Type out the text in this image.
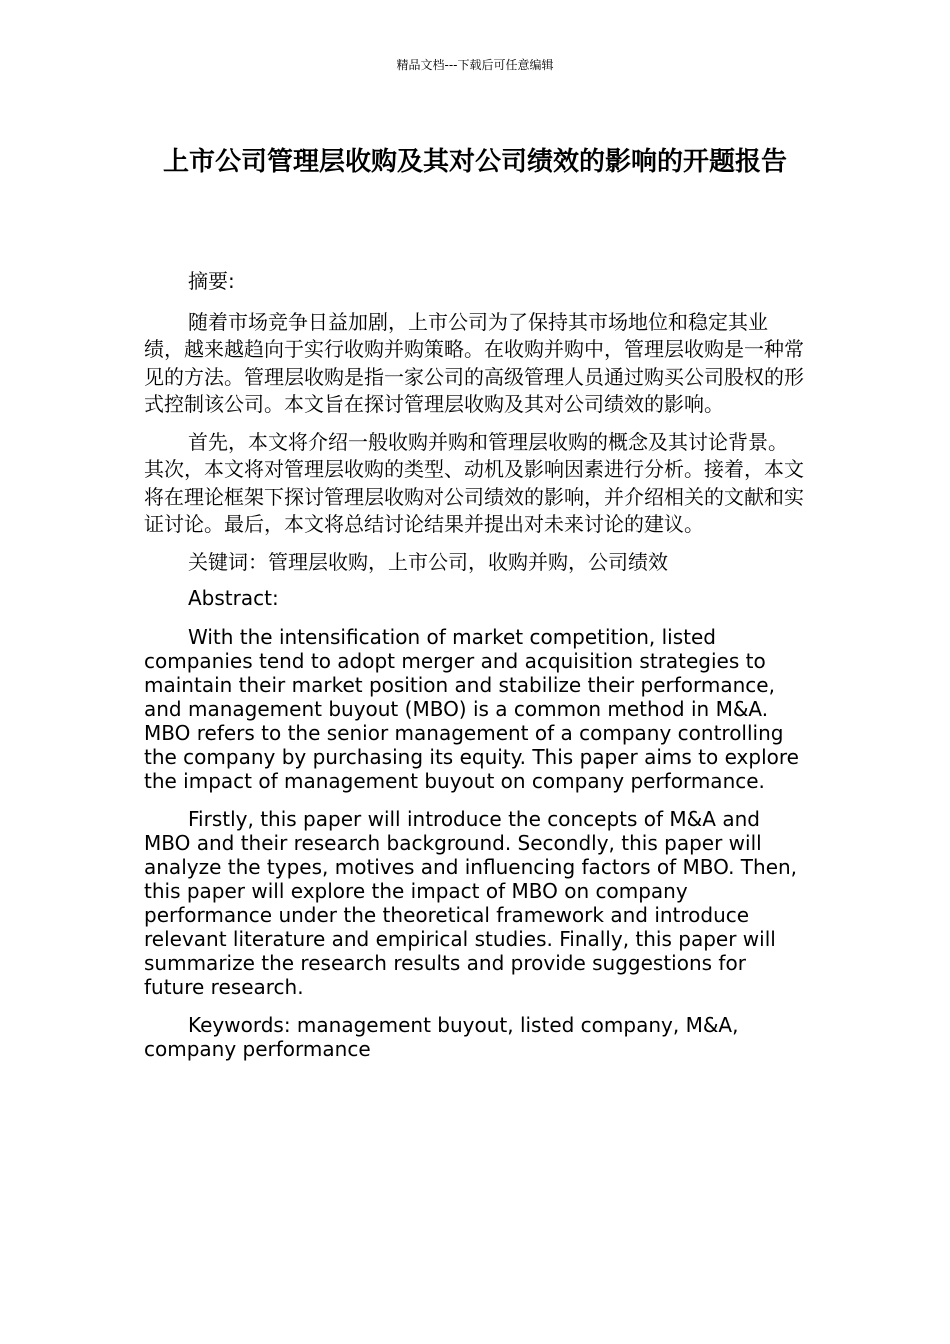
精品文档---下载后可任意编辑
上市公司管理层收购及其对公司绩效的影响的开题报告

摘要:

随着市场竞争日益加剧，上市公司为了保持其市场地位和稳定其业绩，越来越趋向于实行收购并购策略。在收购并购中，管理层收购是一种常见的方法。管理层收购是指一家公司的高级管理人员通过购买公司股权的形式控制该公司。本文旨在探讨管理层收购及其对公司绩效的影响。

首先，本文将介绍一般收购并购和管理层收购的概念及其讨论背景。其次，本文将对管理层收购的类型、动机及影响因素进行分析。接着，本文将在理论框架下探讨管理层收购对公司绩效的影响，并介绍相关的文献和实证讨论。最后，本文将总结讨论结果并提出对未来讨论的建议。

关键词：管理层收购，上市公司，收购并购，公司绩效

Abstract:

With the intensification of market competition, listed companies tend to adopt merger and acquisition strategies to maintain their market position and stabilize their performance, and management buyout (MBO) is a common method in M&A. MBO refers to the senior management of a company controlling the company by purchasing its equity. This paper aims to explore the impact of management buyout on company performance.

Firstly, this paper will introduce the concepts of M&A and MBO and their research background. Secondly, this paper will analyze the types, motives and influencing factors of MBO. Then, this paper will explore the impact of MBO on company performance under the theoretical framework and introduce relevant literature and empirical studies. Finally, this paper will summarize the research results and provide suggestions for future research.

Keywords: management buyout, listed company, M&A, company performance
